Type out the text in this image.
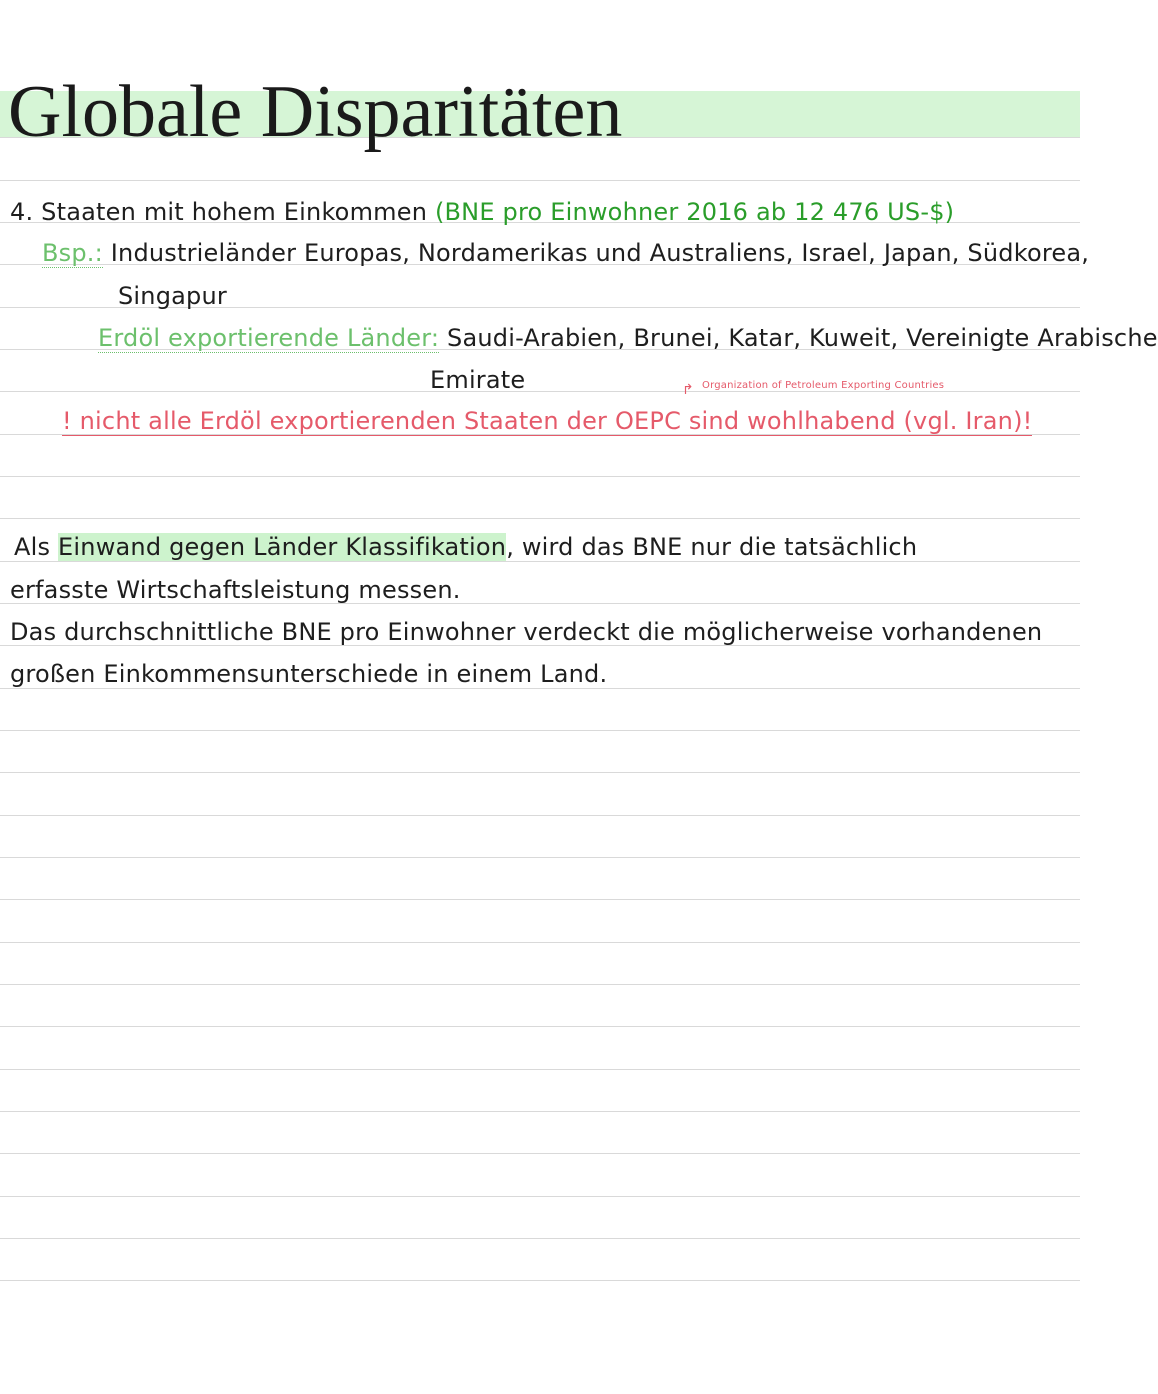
Globale Disparitäten
4. Staaten mit hohem Einkommen (BNE pro Einwohner 2016 ab 12 476 US-$)
Bsp.: Industrieländer Europas, Nordamerikas und Australiens, Israel, Japan, Südkorea,
Singapur
Erdöl exportierende Länder: Saudi-Arabien, Brunei, Katar, Kuweit, Vereinigte Arabische
Emirate	↱ Organization of Petroleum Exporting Countries
! nicht alle Erdöl exportierenden Staaten der OEPC sind wohlhabend (vgl. Iran)!
Als Einwand gegen Länder Klassifikation, wird das BNE nur die tatsächlich
erfasste Wirtschaftsleistung messen.
Das durchschnittliche BNE pro Einwohner verdeckt die möglicherweise vorhandenen
großen Einkommensunterschiede in einem Land.
